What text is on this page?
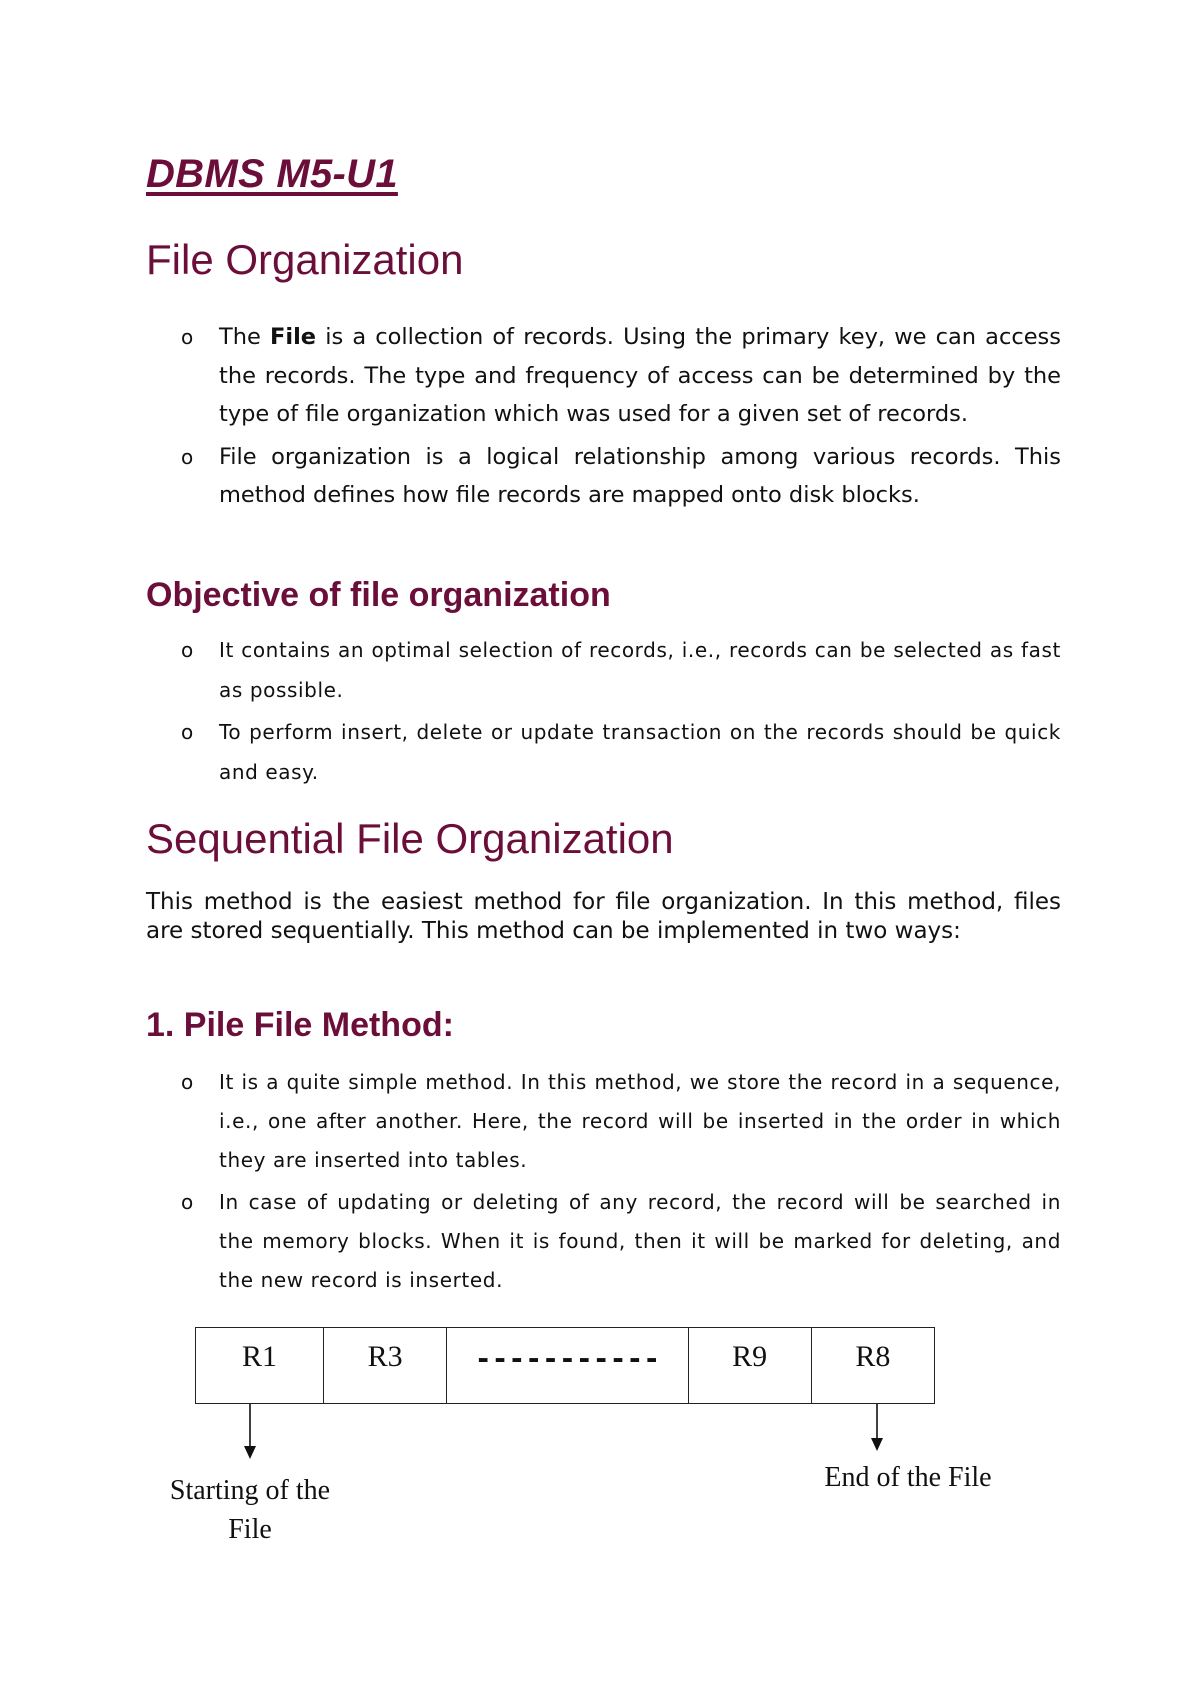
DBMS M5-U1
File Organization
o The File is a collection of records. Using the primary key, we can access the records. The type and frequency of access can be determined by the type of file organization which was used for a given set of records.
o File organization is a logical relationship among various records. This method defines how file records are mapped onto disk blocks.
Objective of file organization
o It contains an optimal selection of records, i.e., records can be selected as fast as possible.
o To perform insert, delete or update transaction on the records should be quick and easy.
Sequential File Organization

This method is the easiest method for file organization. In this method, files are stored sequentially. This method can be implemented in two ways:

1. Pile File Method:
o It is a quite simple method. In this method, we store the record in a sequence, i.e., one after another. Here, the record will be inserted in the order in which they are inserted into tables.
o In case of updating or deleting of any record, the record will be searched in the memory blocks. When it is found, then it will be marked for deleting, and the new record is inserted.
R1	R3	-----------	R9	R8

Starting of the File

End of the File
